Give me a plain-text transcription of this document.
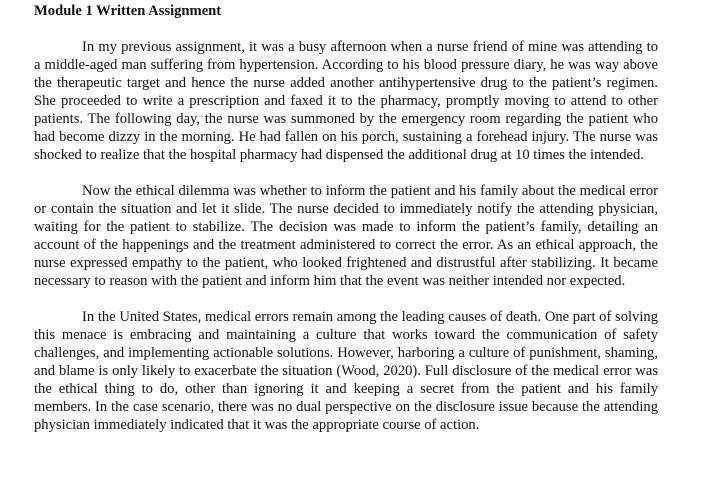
Module 1 Written Assignment

In my previous assignment, it was a busy afternoon when a nurse friend of mine was attending to a middle-aged man suffering from hypertension. According to his blood pressure diary, he was way above the therapeutic target and hence the nurse added another antihypertensive drug to the patient’s regimen. She proceeded to write a prescription and faxed it to the pharmacy, promptly moving to attend to other patients. The following day, the nurse was summoned by the emergency room regarding the patient who had become dizzy in the morning. He had fallen on his porch, sustaining a forehead injury. The nurse was shocked to realize that the hospital pharmacy had dispensed the additional drug at 10 times the intended.

Now the ethical dilemma was whether to inform the patient and his family about the medical error or contain the situation and let it slide. The nurse decided to immediately notify the attending physician, waiting for the patient to stabilize. The decision was made to inform the patient’s family, detailing an account of the happenings and the treatment administered to correct the error. As an ethical approach, the nurse expressed empathy to the patient, who looked frightened and distrustful after stabilizing. It became necessary to reason with the patient and inform him that the event was neither intended nor expected.

In the United States, medical errors remain among the leading causes of death. One part of solving this menace is embracing and maintaining a culture that works toward the communication of safety challenges, and implementing actionable solutions. However, harboring a culture of punishment, shaming, and blame is only likely to exacerbate the situation (Wood, 2020). Full disclosure of the medical error was the ethical thing to do, other than ignoring it and keeping a secret from the patient and his family members. In the case scenario, there was no dual perspective on the disclosure issue because the attending physician immediately indicated that it was the appropriate course of action.
